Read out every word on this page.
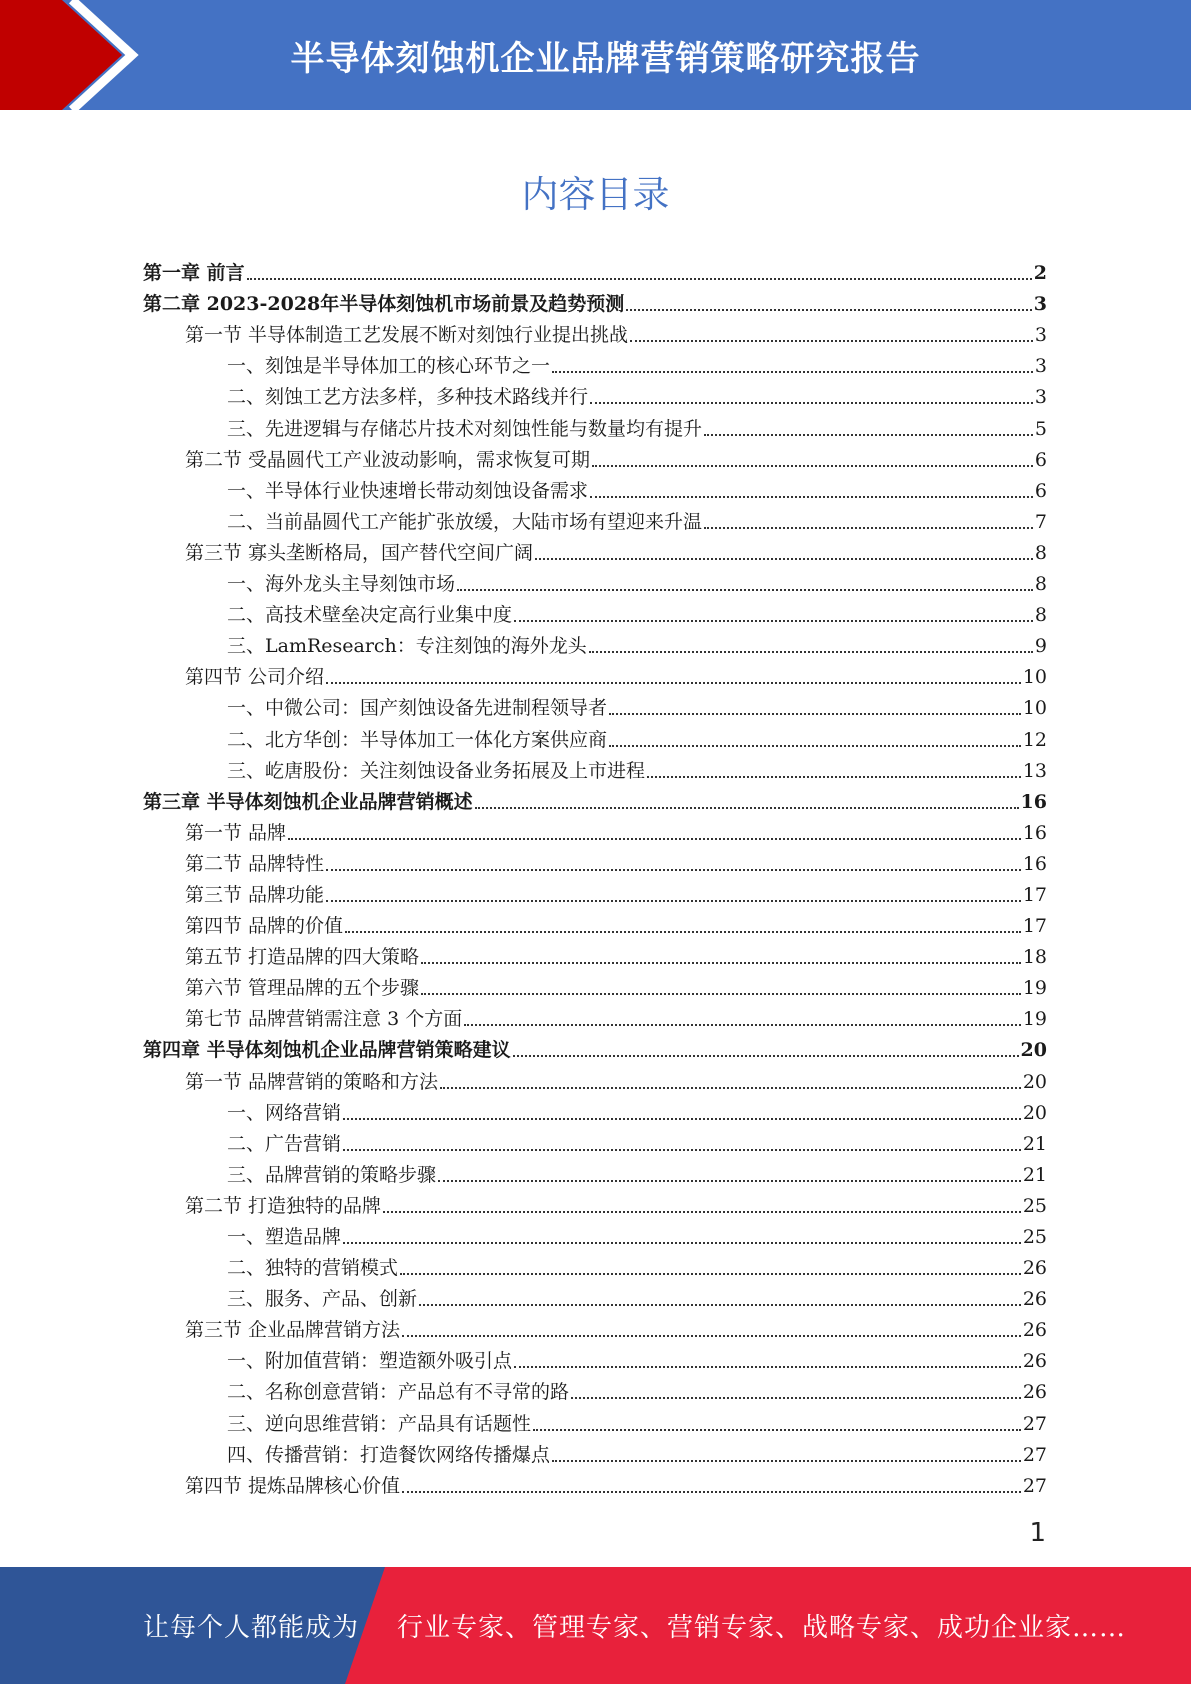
半导体刻蚀机企业品牌营销策略研究报告
内容目录
第一章 前言	2
第二章 2023-2028年半导体刻蚀机市场前景及趋势预测	3
第一节 半导体制造工艺发展不断对刻蚀行业提出挑战	3
一、刻蚀是半导体加工的核心环节之一	3
二、刻蚀工艺方法多样，多种技术路线并行	3
三、先进逻辑与存储芯片技术对刻蚀性能与数量均有提升	5
第二节 受晶圆代工产业波动影响，需求恢复可期	6
一、半导体行业快速增长带动刻蚀设备需求	6
二、当前晶圆代工产能扩张放缓，大陆市场有望迎来升温	7
第三节 寡头垄断格局，国产替代空间广阔	8
一、海外龙头主导刻蚀市场	8
二、高技术壁垒决定高行业集中度	8
三、LamResearch：专注刻蚀的海外龙头	9
第四节 公司介绍	10
一、中微公司：国产刻蚀设备先进制程领导者	10
二、北方华创：半导体加工一体化方案供应商	12
三、屹唐股份：关注刻蚀设备业务拓展及上市进程	13
第三章 半导体刻蚀机企业品牌营销概述	16
第一节 品牌	16
第二节 品牌特性	16
第三节 品牌功能	17
第四节 品牌的价值	17
第五节 打造品牌的四大策略	18
第六节 管理品牌的五个步骤	19
第七节 品牌营销需注意 3 个方面	19
第四章 半导体刻蚀机企业品牌营销策略建议	20
第一节 品牌营销的策略和方法	20
一、网络营销	20
二、广告营销	21
三、品牌营销的策略步骤	21
第二节 打造独特的品牌	25
一、塑造品牌	25
二、独特的营销模式	26
三、服务、产品、创新	26
第三节 企业品牌营销方法	26
一、附加值营销：塑造额外吸引点	26
二、名称创意营销：产品总有不寻常的路	26
三、逆向思维营销：产品具有话题性	27
四、传播营销：打造餐饮网络传播爆点	27
第四节 提炼品牌核心价值	27
1
让每个人都能成为 行业专家、管理专家、营销专家、战略专家、成功企业家……
